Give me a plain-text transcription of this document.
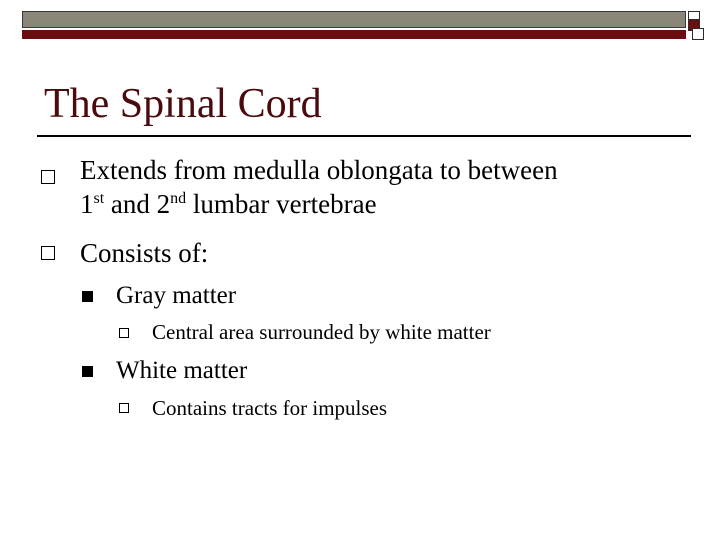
The Spinal Cord
Extends from medulla oblongata to between
1st and 2nd lumbar vertebrae
Consists of:
Gray matter
Central area surrounded by white matter
White matter
Contains tracts for impulses
